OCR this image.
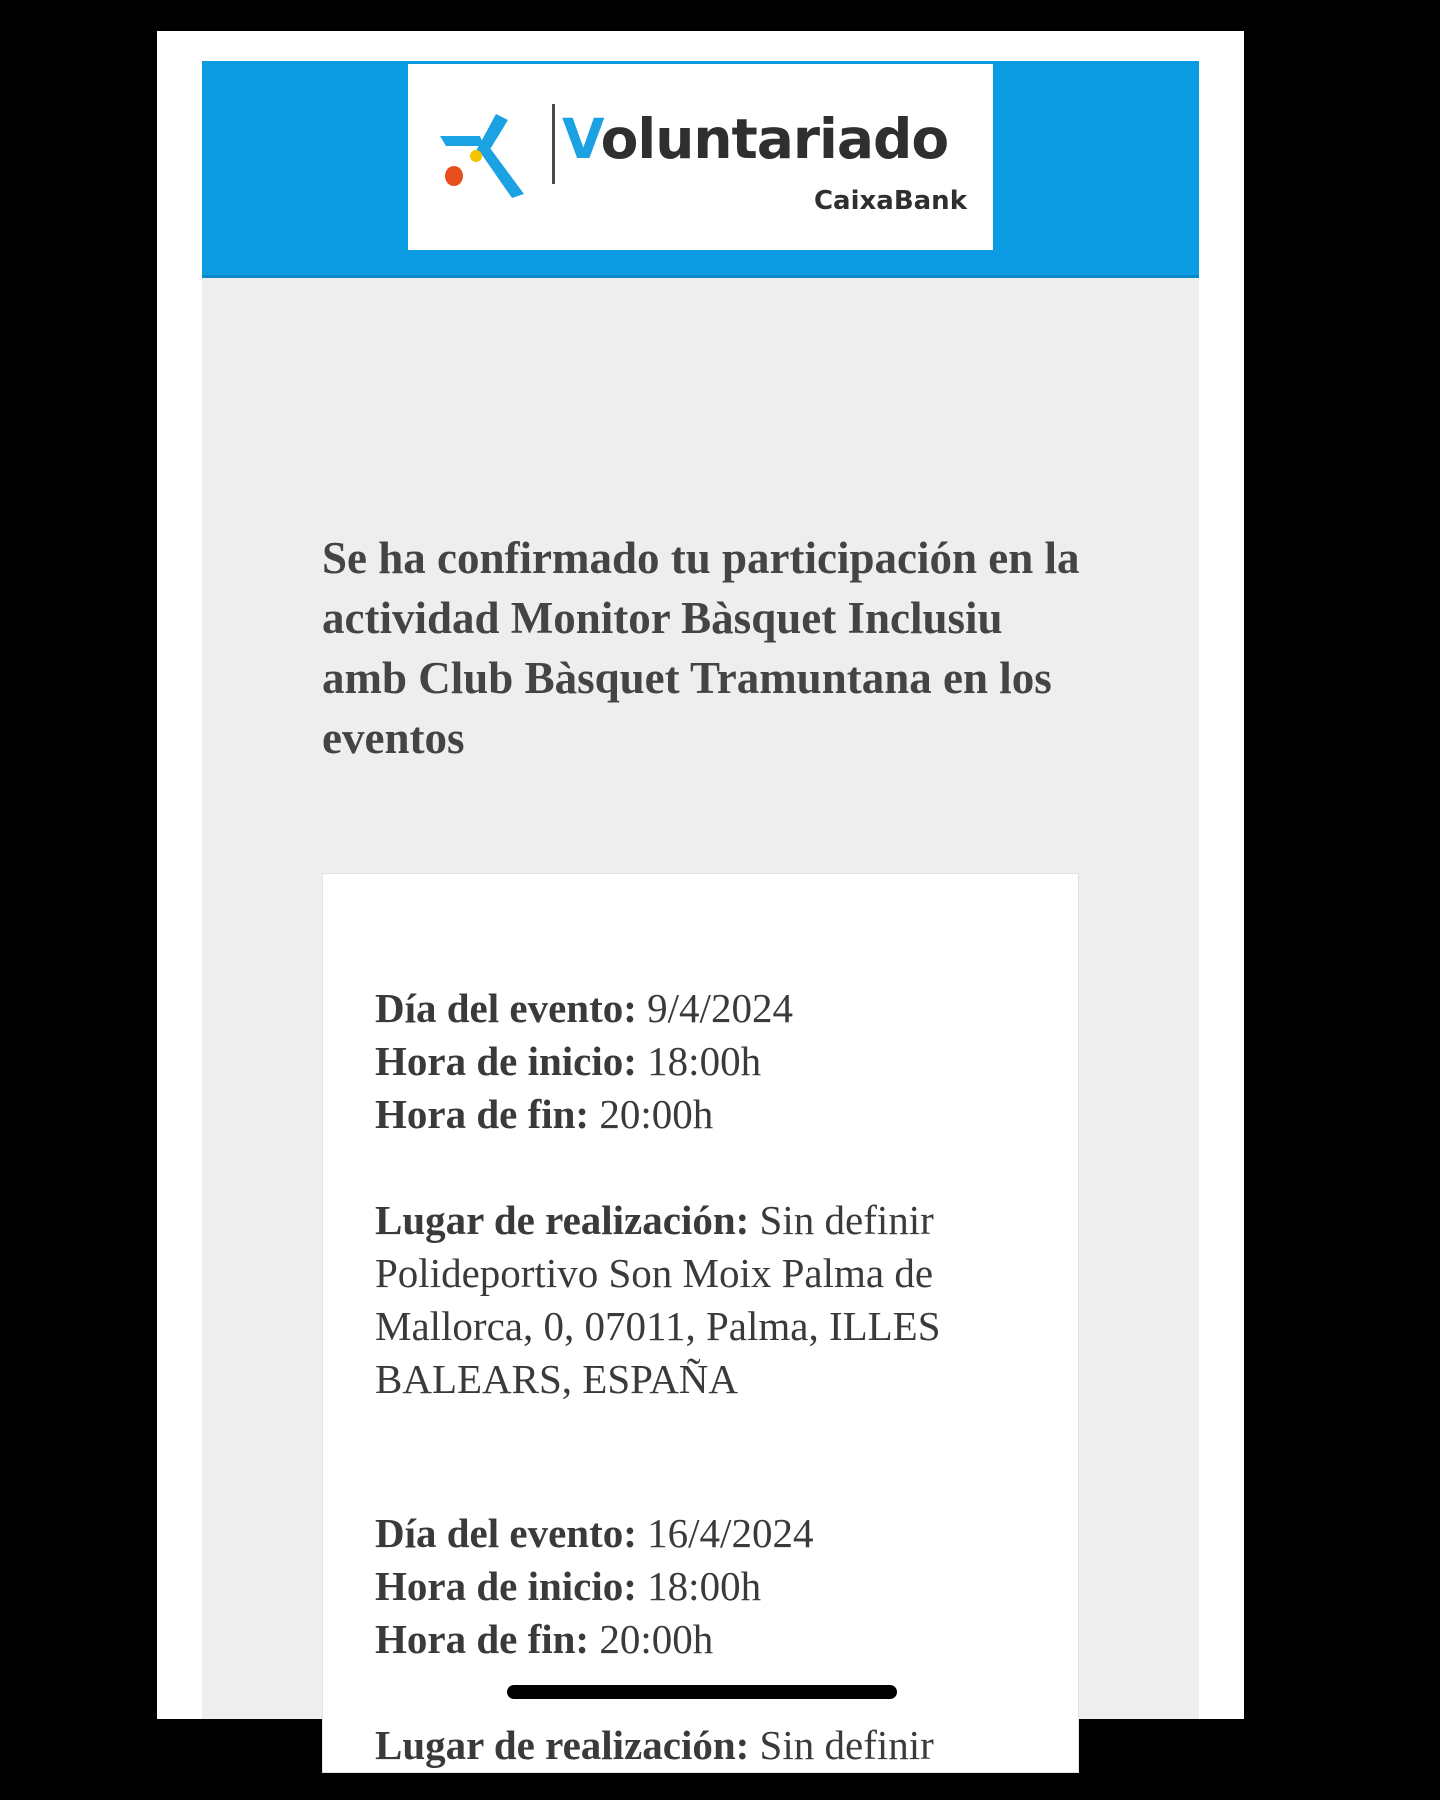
Voluntariado
CaixaBank

Se ha confirmado tu participación en la actividad Monitor Bàsquet Inclusiu amb Club Bàsquet Tramuntana en los eventos

Día del evento: 9/4/2024

Hora de inicio: 18:00h

Hora de fin: 20:00h

Lugar de realización: Sin definir Polideportivo Son Moix Palma de Mallorca, 0, 07011, Palma, ILLES BALEARS, ESPAÑA

Día del evento: 16/4/2024

Hora de inicio: 18:00h

Hora de fin: 20:00h

Lugar de realización: Sin definir
